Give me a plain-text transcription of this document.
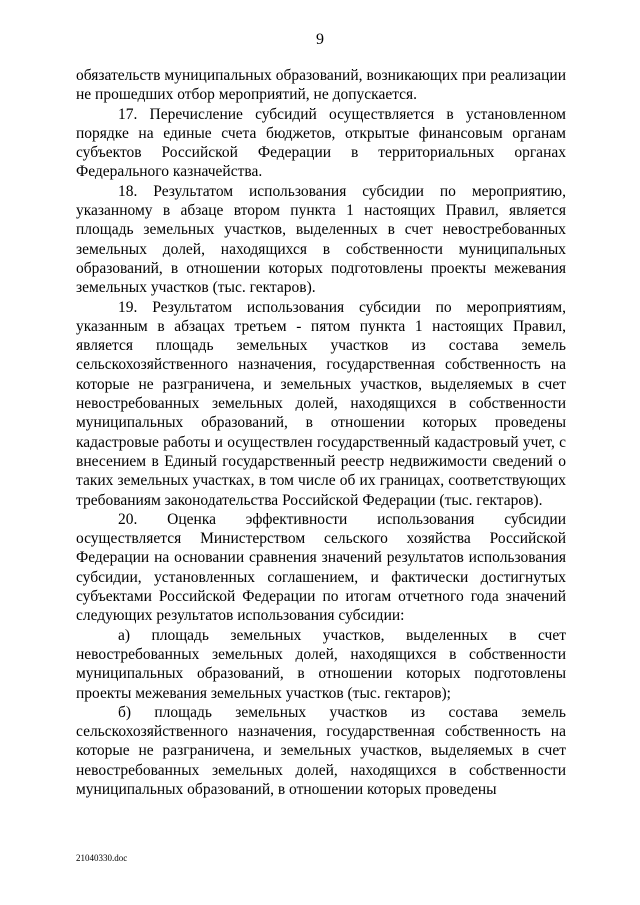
9

обязательств муниципальных образований, возникающих при реализации не прошедших отбор мероприятий, не допускается.

17. Перечисление субсидий осуществляется в установленном порядке на единые счета бюджетов, открытые финансовым органам субъектов Российской Федерации в территориальных органах Федерального казначейства.

18. Результатом использования субсидии по мероприятию, указанному в абзаце втором пункта 1 настоящих Правил, является площадь земельных участков, выделенных в счет невостребованных земельных долей, находящихся в собственности муниципальных образований, в отношении которых подготовлены проекты межевания земельных участков (тыс. гектаров).

19. Результатом использования субсидии по мероприятиям, указанным в абзацах третьем - пятом пункта 1 настоящих Правил, является площадь земельных участков из состава земель сельскохозяйственного назначения, государственная собственность на которые не разграничена, и земельных участков, выделяемых в счет невостребованных земельных долей, находящихся в собственности муниципальных образований, в отношении которых проведены кадастровые работы и осуществлен государственный кадастровый учет, с внесением в Единый государственный реестр недвижимости сведений о таких земельных участках, в том числе об их границах, соответствующих требованиям законодательства Российской Федерации (тыс. гектаров).

20. Оценка эффективности использования субсидии осуществляется Министерством сельского хозяйства Российской Федерации на основании сравнения значений результатов использования субсидии, установленных соглашением, и фактически достигнутых субъектами Российской Федерации по итогам отчетного года значений следующих результатов использования субсидии:

а) площадь земельных участков, выделенных в счет невостребованных земельных долей, находящихся в собственности муниципальных образований, в отношении которых подготовлены проекты межевания земельных участков (тыс. гектаров);

б) площадь земельных участков из состава земель сельскохозяйственного назначения, государственная собственность на которые не разграничена, и земельных участков, выделяемых в счет невостребованных земельных долей, находящихся в собственности муниципальных образований, в отношении которых проведены

21040330.doc
